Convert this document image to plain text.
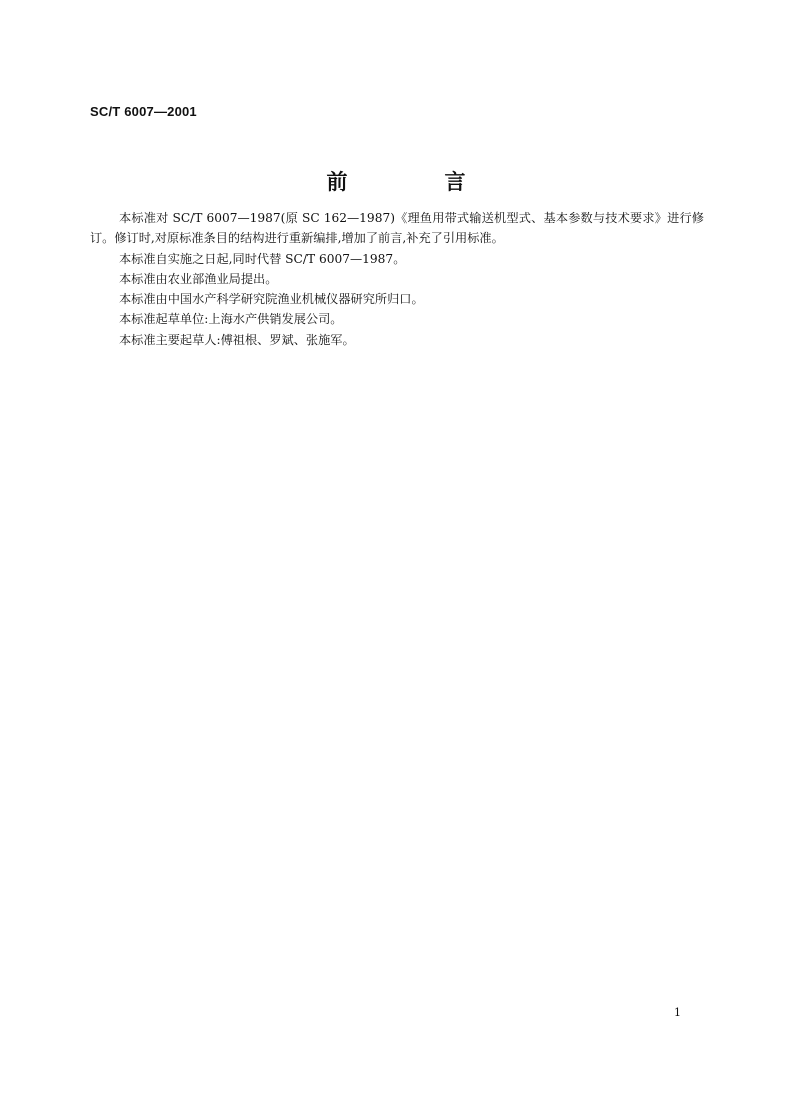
SC/T 6007—2001
前　言

本标准对 SC/T 6007—1987(原 SC 162—1987)《理鱼用带式输送机型式、基本参数与技术要求》进行修订。修订时,对原标准条目的结构进行重新编排,增加了前言,补充了引用标准。

本标准自实施之日起,同时代替 SC/T 6007—1987。

本标准由农业部渔业局提出。

本标准由中国水产科学研究院渔业机械仪器研究所归口。

本标准起草单位:上海水产供销发展公司。

本标准主要起草人:傅祖根、罗斌、张施军。

1
